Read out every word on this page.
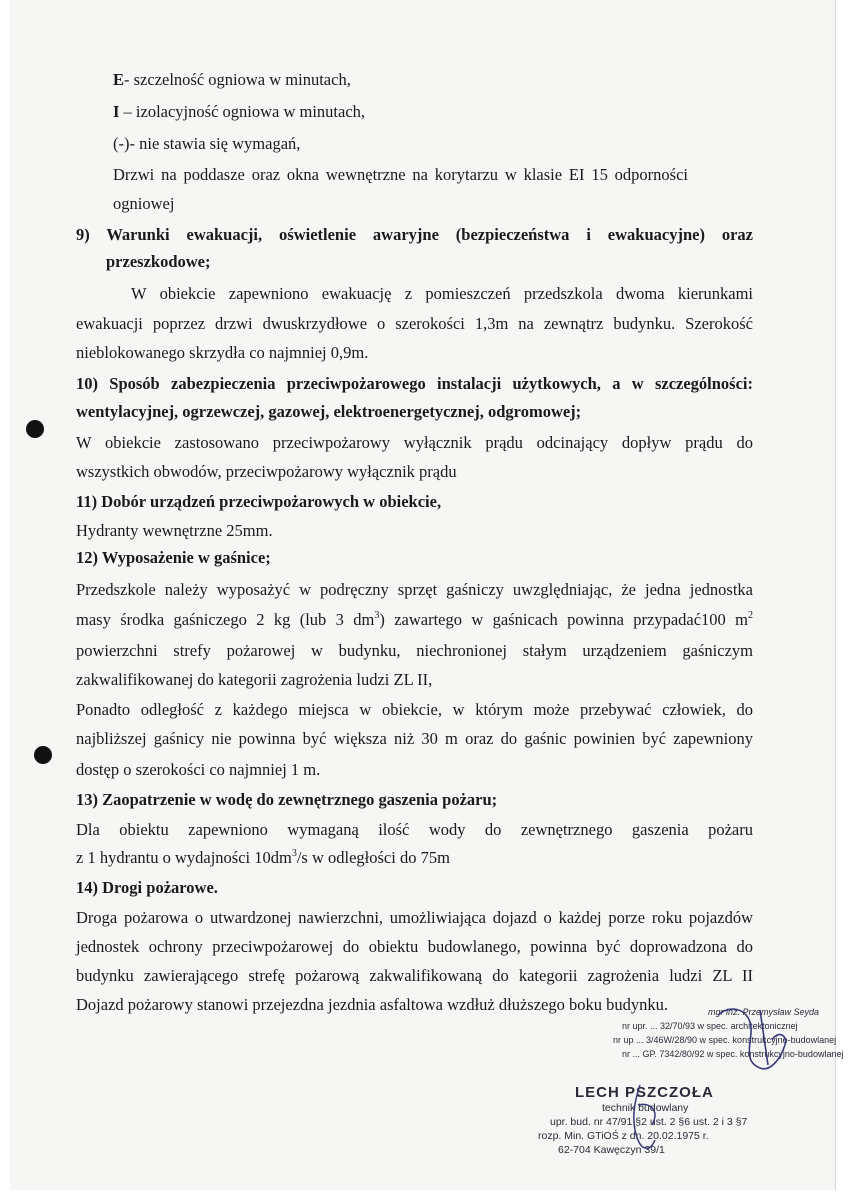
E- szczelność ogniowa w minutach,
I – izolacyjność ogniowa w minutach,
(-)- nie stawia się wymagań,
Drzwi na poddasze oraz okna wewnętrzne na korytarzu w klasie EI 15 odporności
ogniowej
9) Warunki ewakuacji, oświetlenie awaryjne (bezpieczeństwa i ewakuacyjne) oraz
przeszkodowe;
W obiekcie zapewniono ewakuację z pomieszczeń przedszkola dwoma kierunkami
ewakuacji poprzez drzwi dwuskrzydłowe o szerokości 1,3m na zewnątrz budynku. Szerokość
nieblokowanego skrzydła co najmniej 0,9m.
10) Sposób zabezpieczenia przeciwpożarowego instalacji użytkowych, a w szczególności:
wentylacyjnej, ogrzewczej, gazowej, elektroenergetycznej, odgromowej;
W obiekcie zastosowano przeciwpożarowy wyłącznik prądu odcinający dopływ prądu do
wszystkich obwodów, przeciwpożarowy wyłącznik prądu
11) Dobór urządzeń przeciwpożarowych w obiekcie,
Hydranty wewnętrzne 25mm.
12) Wyposażenie w gaśnice;
Przedszkole należy wyposażyć w podręczny sprzęt gaśniczy uwzględniając, że jedna jednostka
masy środka gaśniczego 2 kg (lub 3 $dm^3$) zawartego w gaśnicach powinna przypadać100 $m^2$
powierzchni strefy pożarowej w budynku, niechronionej stałym urządzeniem gaśniczym
zakwalifikowanej do kategorii zagrożenia ludzi ZL II,
Ponadto odległość z każdego miejsca w obiekcie, w którym może przebywać człowiek, do
najbliższej gaśnicy nie powinna być większa niż 30 m oraz do gaśnic powinien być zapewniony
dostęp o szerokości co najmniej 1 m.
13) Zaopatrzenie w wodę do zewnętrznego gaszenia pożaru;
Dla obiektu zapewniono wymaganą ilość wody do zewnętrznego gaszenia pożaru
z 1 hydrantu o wydajności $10dm^3/s$ w odległości do 75m
14) Drogi pożarowe.
Droga pożarowa o utwardzonej nawierzchni, umożliwiająca dojazd o każdej porze roku pojazdów
jednostek ochrony przeciwpożarowej do obiektu budowlanego, powinna być doprowadzona do
budynku zawierającego strefę pożarową zakwalifikowaną do kategorii zagrożenia ludzi ZL II
Dojazd pożarowy stanowi przejezdna jezdnia asfaltowa wzdłuż dłuższego boku budynku.	mgr inż. Przemysław Seyda
nr upr. ... 32/70/93 w spec. architektonicznej
nr up ... 3/46W/28/90 w spec. konstrukcyjno-budowlanej
nr ... GP. 7342/80/92 w spec. konstrukcyjno-budowlanej
LECH PSZCZOŁA
technik budowlany
upr. bud. nr 47/91 §2 ust. 2 §6 ust. 2 i 3 §7
rozp. Min. GTiOŚ z dn. 20.02.1975 r.
62-704 Kawęczyn 39/1
